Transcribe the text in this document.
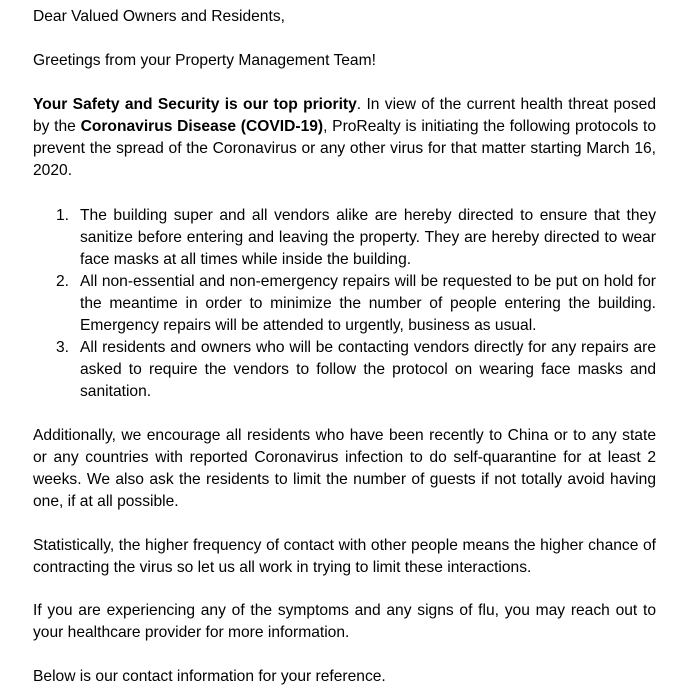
Dear Valued Owners and Residents,

Greetings from your Property Management Team!

Your Safety and Security is our top priority. In view of the current health threat posed by the Coronavirus Disease (COVID-19), ProRealty is initiating the following protocols to prevent the spread of the Coronavirus or any other virus for that matter starting March 16, 2020.

1. The building super and all vendors alike are hereby directed to ensure that they sanitize before entering and leaving the property. They are hereby directed to wear face masks at all times while inside the building.
2. All non-essential and non-emergency repairs will be requested to be put on hold for the meantime in order to minimize the number of people entering the building. Emergency repairs will be attended to urgently, business as usual.
3. All residents and owners who will be contacting vendors directly for any repairs are asked to require the vendors to follow the protocol on wearing face masks and sanitation.

Additionally, we encourage all residents who have been recently to China or to any state or any countries with reported Coronavirus infection to do self-quarantine for at least 2 weeks. We also ask the residents to limit the number of guests if not totally avoid having one, if at all possible.

Statistically, the higher frequency of contact with other people means the higher chance of contracting the virus so let us all work in trying to limit these interactions.

If you are experiencing any of the symptoms and any signs of flu, you may reach out to your healthcare provider for more information.

Below is our contact information for your reference.
